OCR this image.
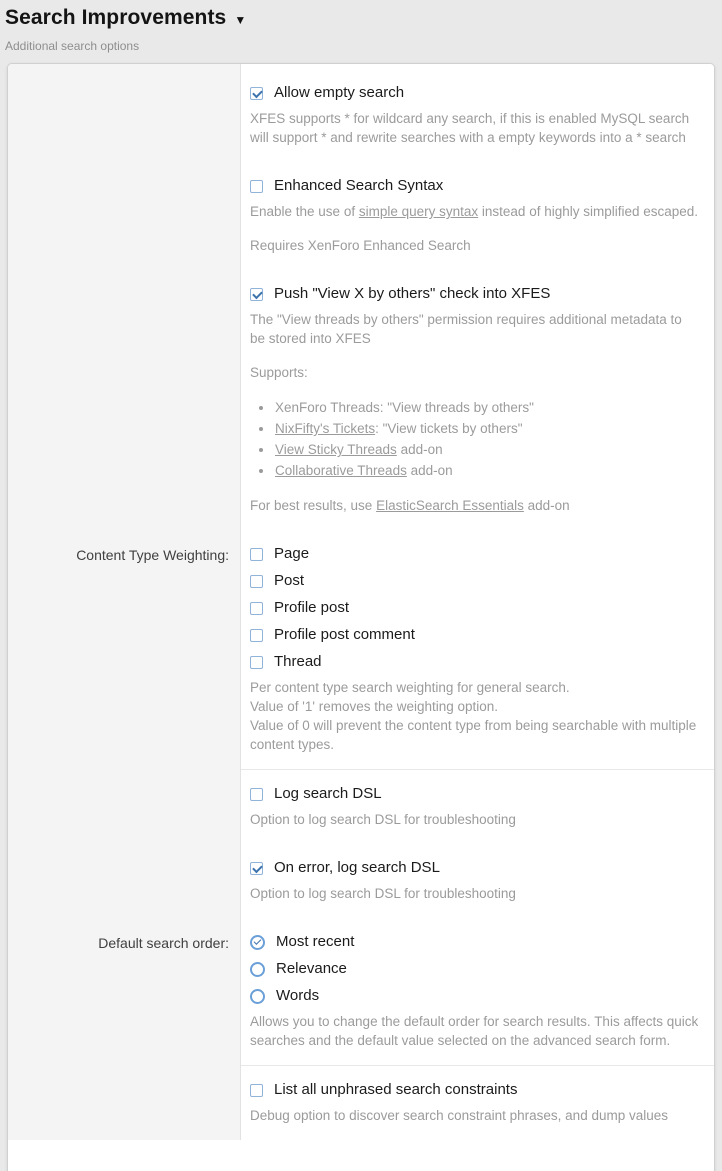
Search Improvements ▼
Additional search options
Allow empty search
XFES supports * for wildcard any search, if this is enabled MySQL search will support * and rewrite searches with a empty keywords into a * search
Enhanced Search Syntax
Enable the use of simple query syntax instead of highly simplified escaped.
Requires XenForo Enhanced Search
Push "View X by others" check into XFES
The "View threads by others" permission requires additional metadata to be stored into XFES
Supports:
• XenForo Threads: "View threads by others"
• NixFifty's Tickets: "View tickets by others"
• View Sticky Threads add-on
• Collaborative Threads add-on
For best results, use ElasticSearch Essentials add-on
Content Type Weighting:	Page
Post
Profile post
Profile post comment
Thread
Per content type search weighting for general search.
Value of '1' removes the weighting option.
Value of 0 will prevent the content type from being searchable with multiple content types.
Log search DSL
Option to log search DSL for troubleshooting
On error, log search DSL
Option to log search DSL for troubleshooting
Default search order:	Most recent
Relevance
Words
Allows you to change the default order for search results. This affects quick searches and the default value selected on the advanced search form.
List all unphrased search constraints
Debug option to discover search constraint phrases, and dump values
